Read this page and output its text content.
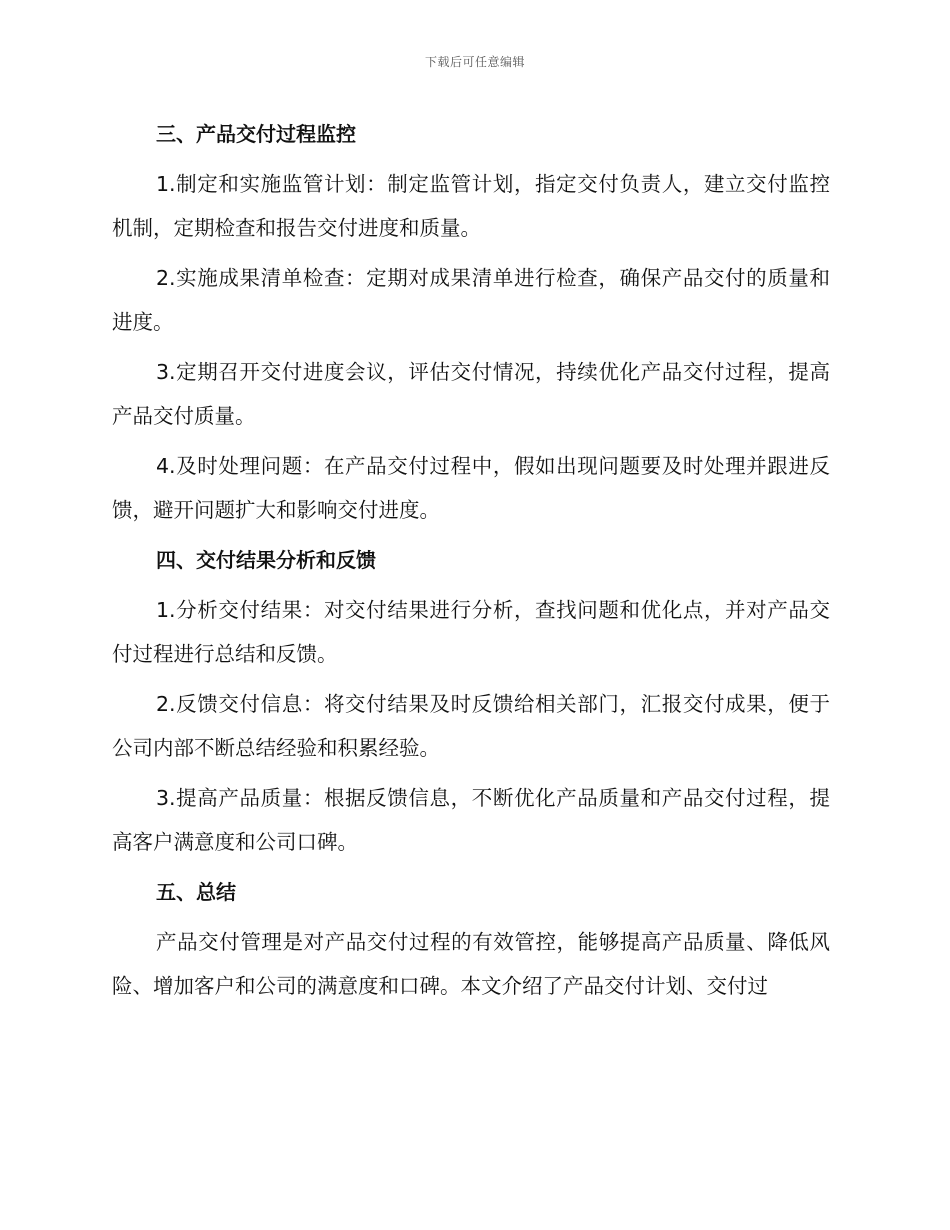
下载后可任意编辑
三、产品交付过程监控

1.制定和实施监管计划：制定监管计划，指定交付负责人，建立交付监控机制，定期检查和报告交付进度和质量。

2.实施成果清单检查：定期对成果清单进行检查，确保产品交付的质量和进度。

3.定期召开交付进度会议，评估交付情况，持续优化产品交付过程，提高产品交付质量。

4.及时处理问题：在产品交付过程中，假如出现问题要及时处理并跟进反馈，避开问题扩大和影响交付进度。

四、交付结果分析和反馈

1.分析交付结果：对交付结果进行分析，查找问题和优化点，并对产品交付过程进行总结和反馈。

2.反馈交付信息：将交付结果及时反馈给相关部门，汇报交付成果，便于公司内部不断总结经验和积累经验。

3.提高产品质量：根据反馈信息，不断优化产品质量和产品交付过程，提高客户满意度和公司口碑。

五、总结

产品交付管理是对产品交付过程的有效管控，能够提高产品质量、降低风险、增加客户和公司的满意度和口碑。本文介绍了产品交付计划、交付过
